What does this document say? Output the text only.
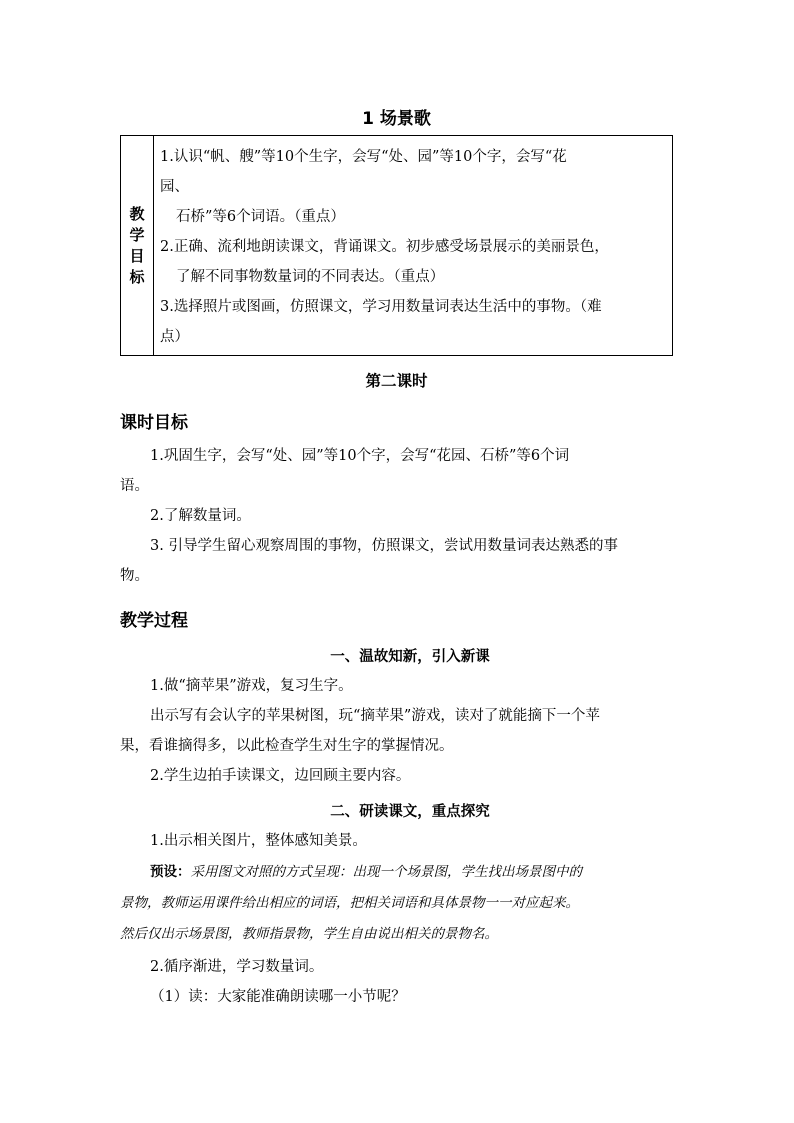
1 场景歌
教
学
目
标
1.认识“帆、艘”等10个生字，会写“处、园”等10个字，会写“花
园、
石桥”等6个词语。（重点）
2.正确、流利地朗读课文，背诵课文。初步感受场景展示的美丽景色，
了解不同事物数量词的不同表达。（重点）
3.选择照片或图画，仿照课文，学习用数量词表达生活中的事物。（难
点）
第二课时
课时目标
1.巩固生字，会写“处、园”等10个字，会写“花园、石桥”等6个词
语。
2.了解数量词。
3. 引导学生留心观察周围的事物，仿照课文，尝试用数量词表达熟悉的事
物。
教学过程
一、温故知新，引入新课
1.做“摘苹果”游戏，复习生字。
出示写有会认字的苹果树图，玩“摘苹果”游戏，读对了就能摘下一个苹
果，看谁摘得多，以此检查学生对生字的掌握情况。
2.学生边拍手读课文，边回顾主要内容。
二、研读课文，重点探究
1.出示相关图片，整体感知美景。
预设：采用图文对照的方式呈现：出现一个场景图，学生找出场景图中的
景物，教师运用课件给出相应的词语，把相关词语和具体景物一一对应起来。
然后仅出示场景图，教师指景物，学生自由说出相关的景物名。
2.循序渐进，学习数量词。
（1）读：大家能准确朗读哪一小节呢？
